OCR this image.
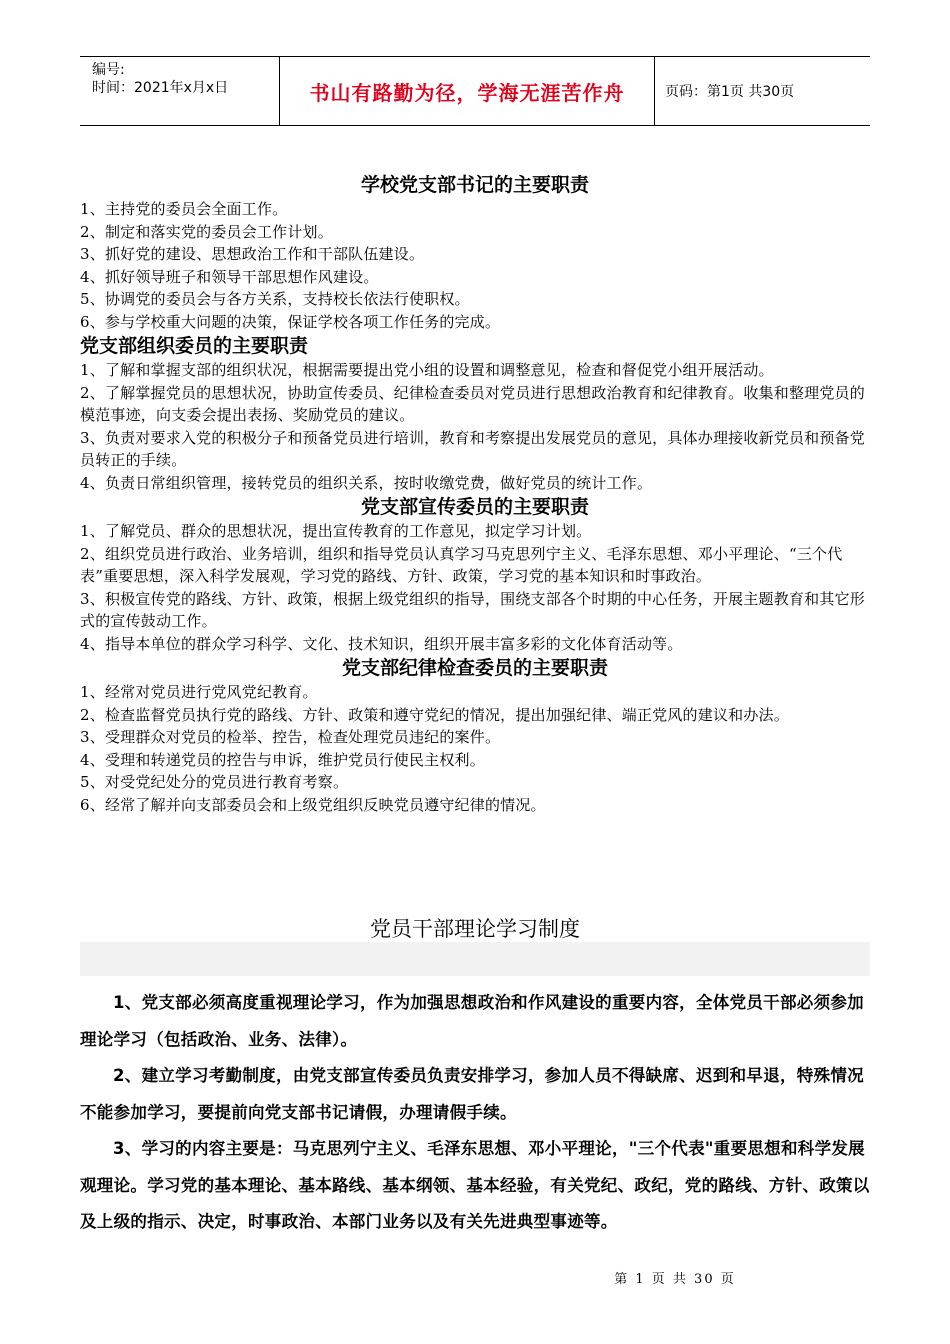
编号:
时间：2021年x月x日	书山有路勤为径，学海无涯苦作舟	页码：第1页 共30页
学校党支部书记的主要职责
1、主持党的委员会全面工作。
2、制定和落实党的委员会工作计划。
3、抓好党的建设、思想政治工作和干部队伍建设。
4、抓好领导班子和领导干部思想作风建设。
5、协调党的委员会与各方关系，支持校长依法行使职权。
6、参与学校重大问题的决策，保证学校各项工作任务的完成。
党支部组织委员的主要职责
1、了解和掌握支部的组织状况，根据需要提出党小组的设置和调整意见，检查和督促党小组开展活动。
2、了解掌握党员的思想状况，协助宣传委员、纪律检查委员对党员进行思想政治教育和纪律教育。收集和整理党员的模范事迹，向支委会提出表扬、奖励党员的建议。
3、负责对要求入党的积极分子和预备党员进行培训，教育和考察提出发展党员的意见，具体办理接收新党员和预备党员转正的手续。
4、负责日常组织管理，接转党员的组织关系，按时收缴党费，做好党员的统计工作。
党支部宣传委员的主要职责
1、了解党员、群众的思想状况，提出宣传教育的工作意见，拟定学习计划。
2、组织党员进行政治、业务培训，组织和指导党员认真学习马克思列宁主义、毛泽东思想、邓小平理论、“三个代表”重要思想，深入科学发展观，学习党的路线、方针、政策，学习党的基本知识和时事政治。
3、积极宣传党的路线、方针、政策，根据上级党组织的指导，围绕支部各个时期的中心任务，开展主题教育和其它形式的宣传鼓动工作。
4、指导本单位的群众学习科学、文化、技术知识，组织开展丰富多彩的文化体育活动等。
党支部纪律检查委员的主要职责
1、经常对党员进行党风党纪教育。
2、检查监督党员执行党的路线、方针、政策和遵守党纪的情况，提出加强纪律、端正党风的建议和办法。
3、受理群众对党员的检举、控告，检查处理党员违纪的案件。
4、受理和转递党员的控告与申诉，维护党员行使民主权利。
5、对受党纪处分的党员进行教育考察。
6、经常了解并向支部委员会和上级党组织反映党员遵守纪律的情况。
党员干部理论学习制度
1、党支部必须高度重视理论学习，作为加强思想政治和作风建设的重要内容，全体党员干部必须参加理论学习（包括政治、业务、法律）。
2、建立学习考勤制度，由党支部宣传委员负责安排学习，参加人员不得缺席、迟到和早退，特殊情况不能参加学习，要提前向党支部书记请假，办理请假手续。
3、学习的内容主要是：马克思列宁主义、毛泽东思想、邓小平理论，"三个代表"重要思想和科学发展观理论。学习党的基本理论、基本路线、基本纲领、基本经验，有关党纪、政纪，党的路线、方针、政策以及上级的指示、决定，时事政治、本部门业务以及有关先进典型事迹等。
第 1 页 共 30 页
